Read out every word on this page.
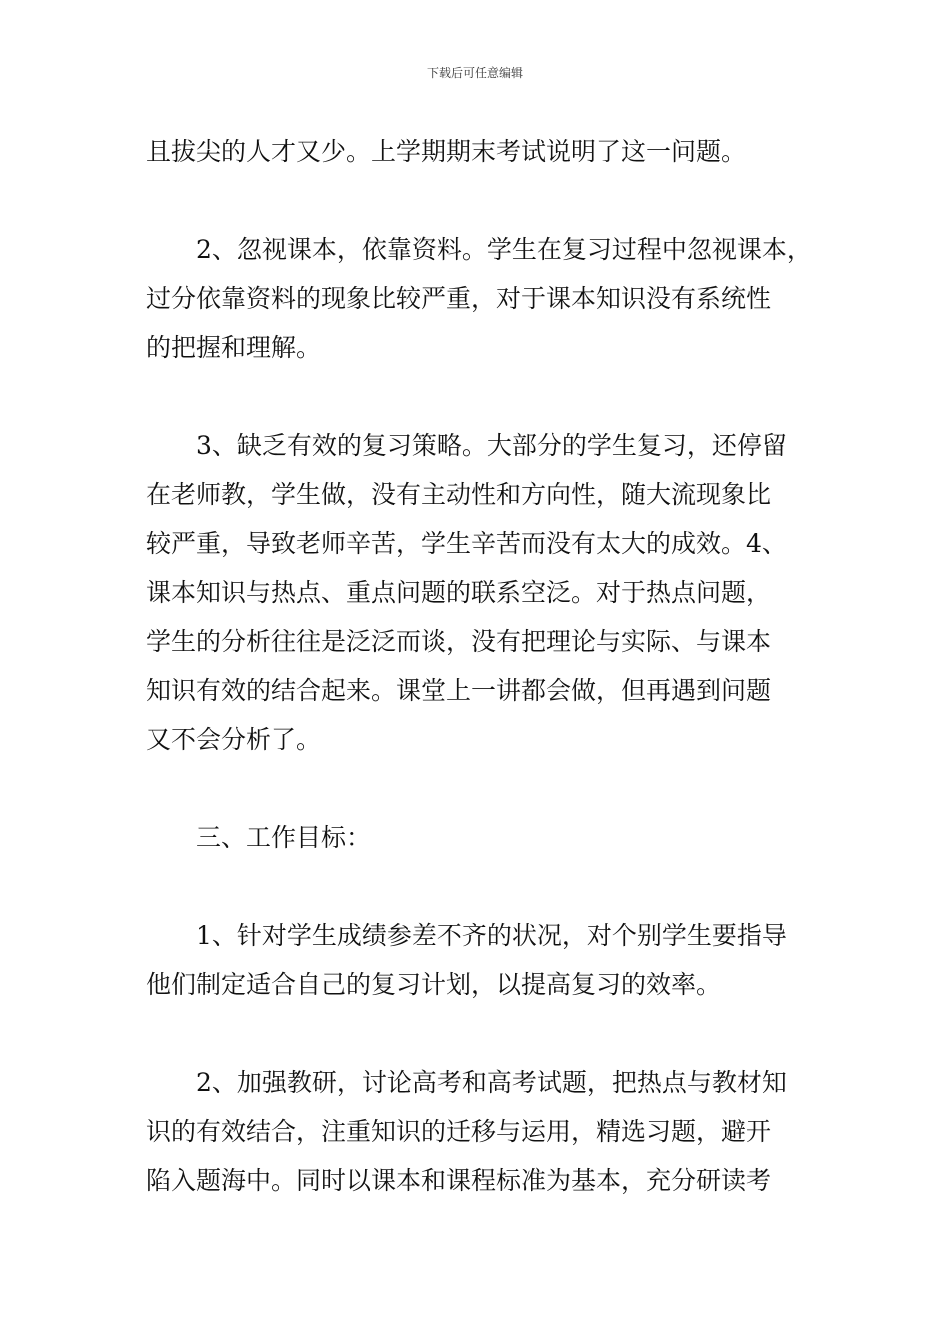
下载后可任意编辑
且拔尖的人才又少。上学期期末考试说明了这一问题。
　　2、忽视课本，依靠资料。学生在复习过程中忽视课本，
过分依靠资料的现象比较严重，对于课本知识没有系统性
的把握和理解。
　　3、缺乏有效的复习策略。大部分的学生复习，还停留
在老师教，学生做，没有主动性和方向性，随大流现象比
较严重，导致老师辛苦，学生辛苦而没有太大的成效。4、
课本知识与热点、重点问题的联系空泛。对于热点问题，
学生的分析往往是泛泛而谈，没有把理论与实际、与课本
知识有效的结合起来。课堂上一讲都会做，但再遇到问题
又不会分析了。
　　三、工作目标：
　　1、针对学生成绩参差不齐的状况，对个别学生要指导
他们制定适合自己的复习计划，以提高复习的效率。
　　2、加强教研，讨论高考和高考试题，把热点与教材知
识的有效结合，注重知识的迁移与运用，精选习题，避开
陷入题海中。同时以课本和课程标准为基本，充分研读考
